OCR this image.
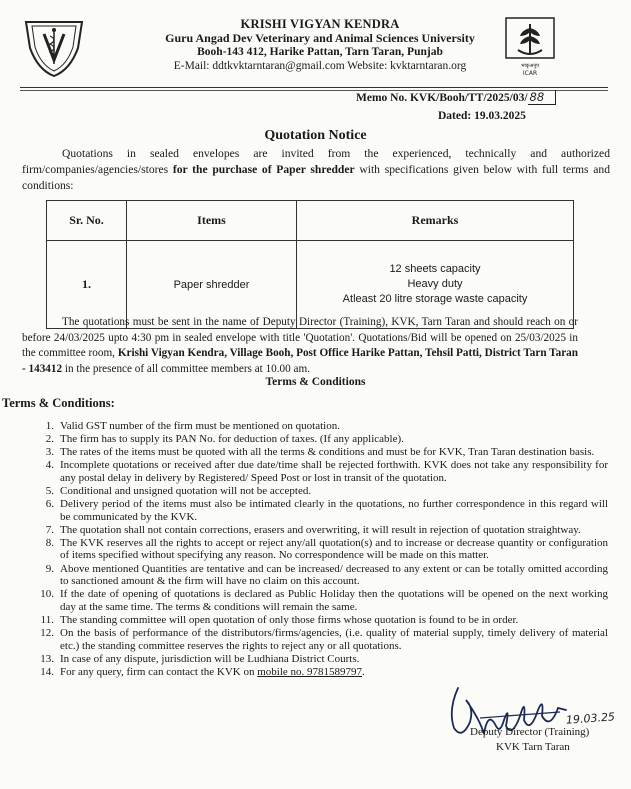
KRISHI VIGYAN KENDRA
Guru Angad Dev Veterinary and Animal Sciences University
Booh-143 412, Harike Pattan, Tarn Taran, Punjab
E-Mail: ddtkvktarntaran@gmail.com Website: kvktarntaran.org	भाकृअनुप
ICAR
Memo No. KVK/Booh/TT/2025/03/ 88
Dated: 19.03.2025
Quotation Notice
Quotations in sealed envelopes are invited from the experienced, technically and authorized firm/companies/agencies/stores for the purchase of Paper shredder with specifications given below with full terms and conditions:
Sr. No.	Items	Remarks
1.	Paper shredder	12 sheets capacity
Heavy duty
Atleast 20 litre storage waste capacity
The quotations must be sent in the name of Deputy Director (Training), KVK, Tarn Taran and should reach on or before 24/03/2025 upto 4:30 pm in sealed envelope with title 'Quotation'. Quotations/Bid will be opened on 25/03/2025 in the committee room, Krishi Vigyan Kendra, Village Booh, Post Office Harike Pattan, Tehsil Patti, District Tarn Taran - 143412 in the presence of all committee members at 10.00 am.
Terms & Conditions
Terms & Conditions:
1. Valid GST number of the firm must be mentioned on quotation.
2. The firm has to supply its PAN No. for deduction of taxes. (If any applicable).
3. The rates of the items must be quoted with all the terms & conditions and must be for KVK, Tran Taran destination basis.
4. Incomplete quotations or received after due date/time shall be rejected forthwith. KVK does not take any responsibility for any postal delay in delivery by Registered/ Speed Post or lost in transit of the quotation.
5. Conditional and unsigned quotation will not be accepted.
6. Delivery period of the items must also be intimated clearly in the quotations, no further correspondence in this regard will be communicated by the KVK.
7. The quotation shall not contain corrections, erasers and overwriting, it will result in rejection of quotation straightway.
8. The KVK reserves all the rights to accept or reject any/all quotation(s) and to increase or decrease quantity or configuration of items specified without specifying any reason. No correspondence will be made on this matter.
9. Above mentioned Quantities are tentative and can be increased/ decreased to any extent or can be totally omitted according to sanctioned amount & the firm will have no claim on this account.
10. If the date of opening of quotations is declared as Public Holiday then the quotations will be opened on the next working day at the same time. The terms & conditions will remain the same.
11. The standing committee will open quotation of only those firms whose quotation is found to be in order.
12. On the basis of performance of the distributors/firms/agencies, (i.e. quality of material supply, timely delivery of material etc.) the standing committee reserves the rights to reject any or all quotations.
13. In case of any dispute, jurisdiction will be Ludhiana District Courts.
14. For any query, firm can contact the KVK on mobile no. 9781589797.
19.03.25
Deputy Director (Training)
KVK Tarn Taran
